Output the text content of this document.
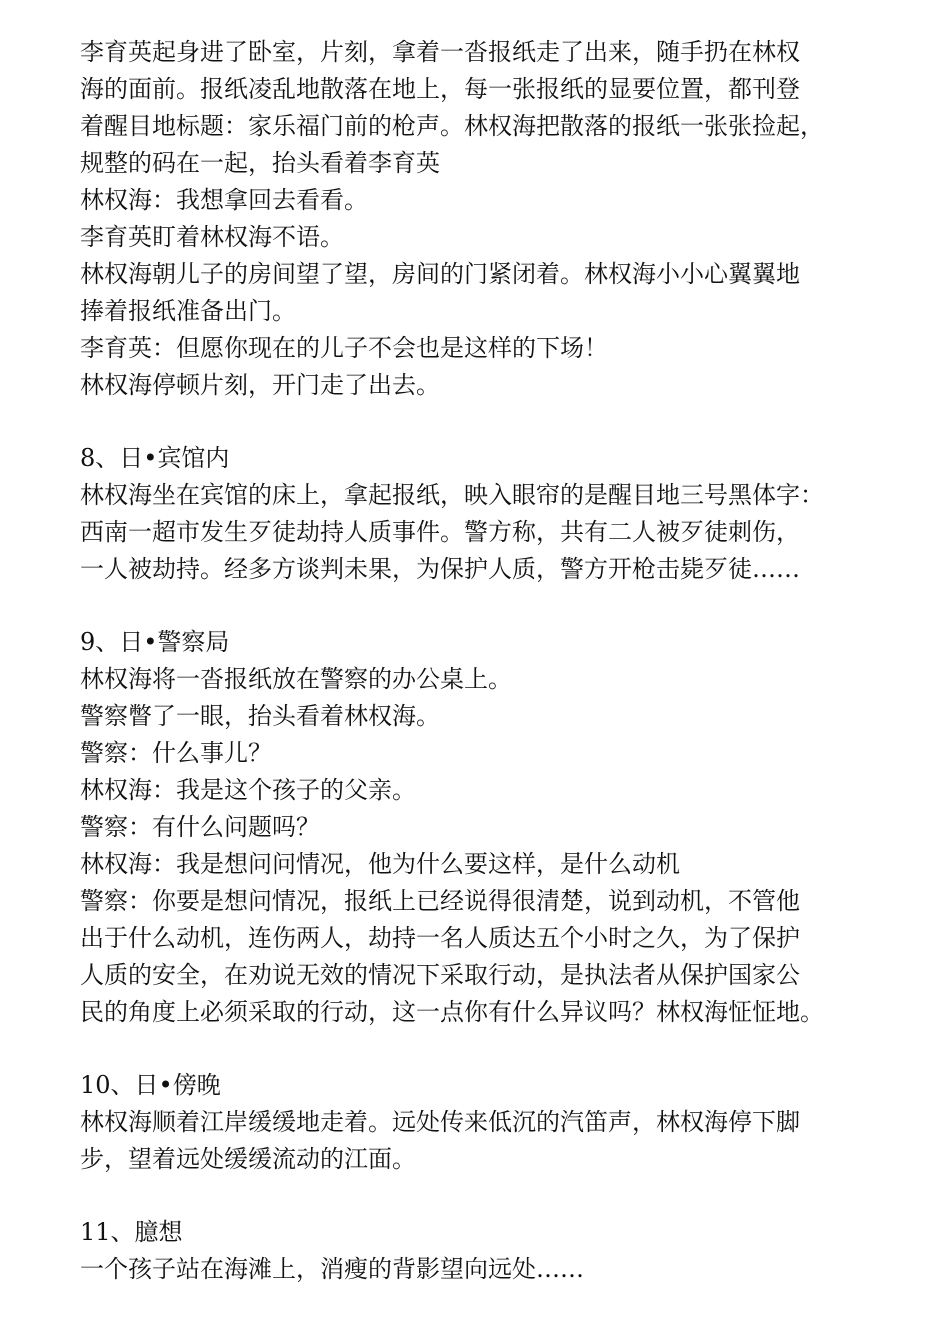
李育英起身进了卧室，片刻，拿着一沓报纸走了出来，随手扔在林权
海的面前。报纸凌乱地散落在地上，每一张报纸的显要位置，都刊登
着醒目地标题：家乐福门前的枪声。林权海把散落的报纸一张张捡起，
规整的码在一起，抬头看着李育英
林权海：我想拿回去看看。
李育英盯着林权海不语。
林权海朝儿子的房间望了望，房间的门紧闭着。林权海小小心翼翼地
捧着报纸准备出门。
李育英：但愿你现在的儿子不会也是这样的下场！
林权海停顿片刻，开门走了出去。
8、日•宾馆内
林权海坐在宾馆的床上，拿起报纸，映入眼帘的是醒目地三号黑体字：
西南一超市发生歹徒劫持人质事件。警方称，共有二人被歹徒刺伤，
一人被劫持。经多方谈判未果，为保护人质，警方开枪击毙歹徒……
9、日•警察局
林权海将一沓报纸放在警察的办公桌上。
警察瞥了一眼，抬头看着林权海。
警察：什么事儿？
林权海：我是这个孩子的父亲。
警察：有什么问题吗？
林权海：我是想问问情况，他为什么要这样，是什么动机
警察：你要是想问情况，报纸上已经说得很清楚，说到动机，不管他
出于什么动机，连伤两人，劫持一名人质达五个小时之久，为了保护
人质的安全，在劝说无效的情况下采取行动，是执法者从保护国家公
民的角度上必须采取的行动，这一点你有什么异议吗？林权海怔怔地。
10、日•傍晚
林权海顺着江岸缓缓地走着。远处传来低沉的汽笛声，林权海停下脚
步，望着远处缓缓流动的江面。
11、臆想
一个孩子站在海滩上，消瘦的背影望向远处……
